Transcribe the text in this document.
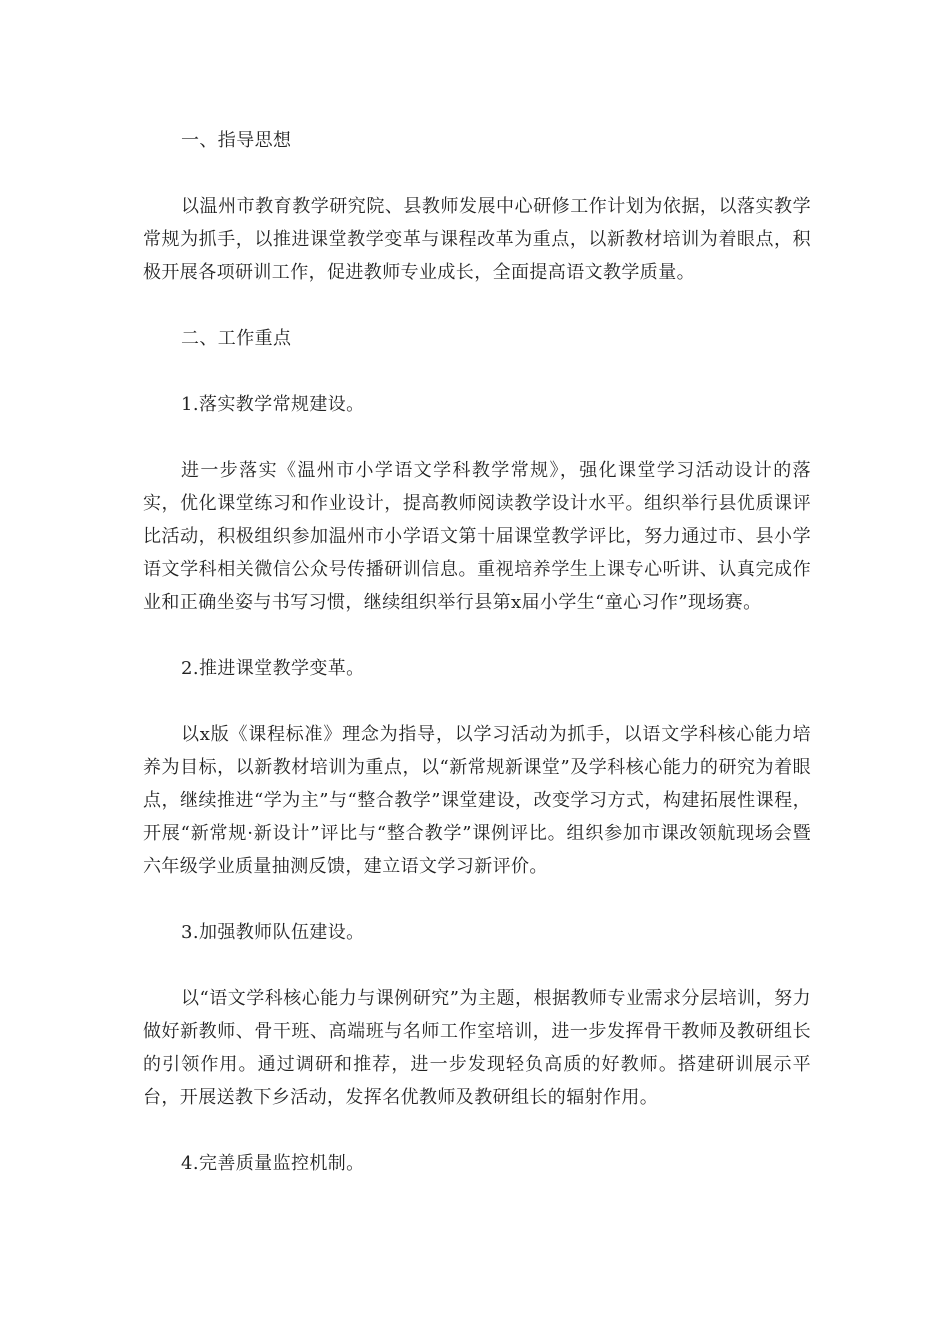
一、指导思想

以温州市教育教学研究院、县教师发展中心研修工作计划为依据，以落实教学常规为抓手，以推进课堂教学变革与课程改革为重点，以新教材培训为着眼点，积极开展各项研训工作，促进教师专业成长，全面提高语文教学质量。

二、工作重点

1.落实教学常规建设。

进一步落实《温州市小学语文学科教学常规》，强化课堂学习活动设计的落实，优化课堂练习和作业设计，提高教师阅读教学设计水平。组织举行县优质课评比活动，积极组织参加温州市小学语文第十届课堂教学评比，努力通过市、县小学语文学科相关微信公众号传播研训信息。重视培养学生上课专心听讲、认真完成作业和正确坐姿与书写习惯，继续组织举行县第x届小学生“童心习作”现场赛。

2.推进课堂教学变革。

以x版《课程标准》理念为指导，以学习活动为抓手，以语文学科核心能力培养为目标，以新教材培训为重点，以“新常规新课堂”及学科核心能力的研究为着眼点，继续推进“学为主”与“整合教学”课堂建设，改变学习方式，构建拓展性课程，开展“新常规·新设计”评比与“整合教学”课例评比。组织参加市课改领航现场会暨六年级学业质量抽测反馈，建立语文学习新评价。

3.加强教师队伍建设。

以“语文学科核心能力与课例研究”为主题，根据教师专业需求分层培训，努力做好新教师、骨干班、高端班与名师工作室培训，进一步发挥骨干教师及教研组长的引领作用。通过调研和推荐，进一步发现轻负高质的好教师。搭建研训展示平台，开展送教下乡活动，发挥名优教师及教研组长的辐射作用。

4.完善质量监控机制。
